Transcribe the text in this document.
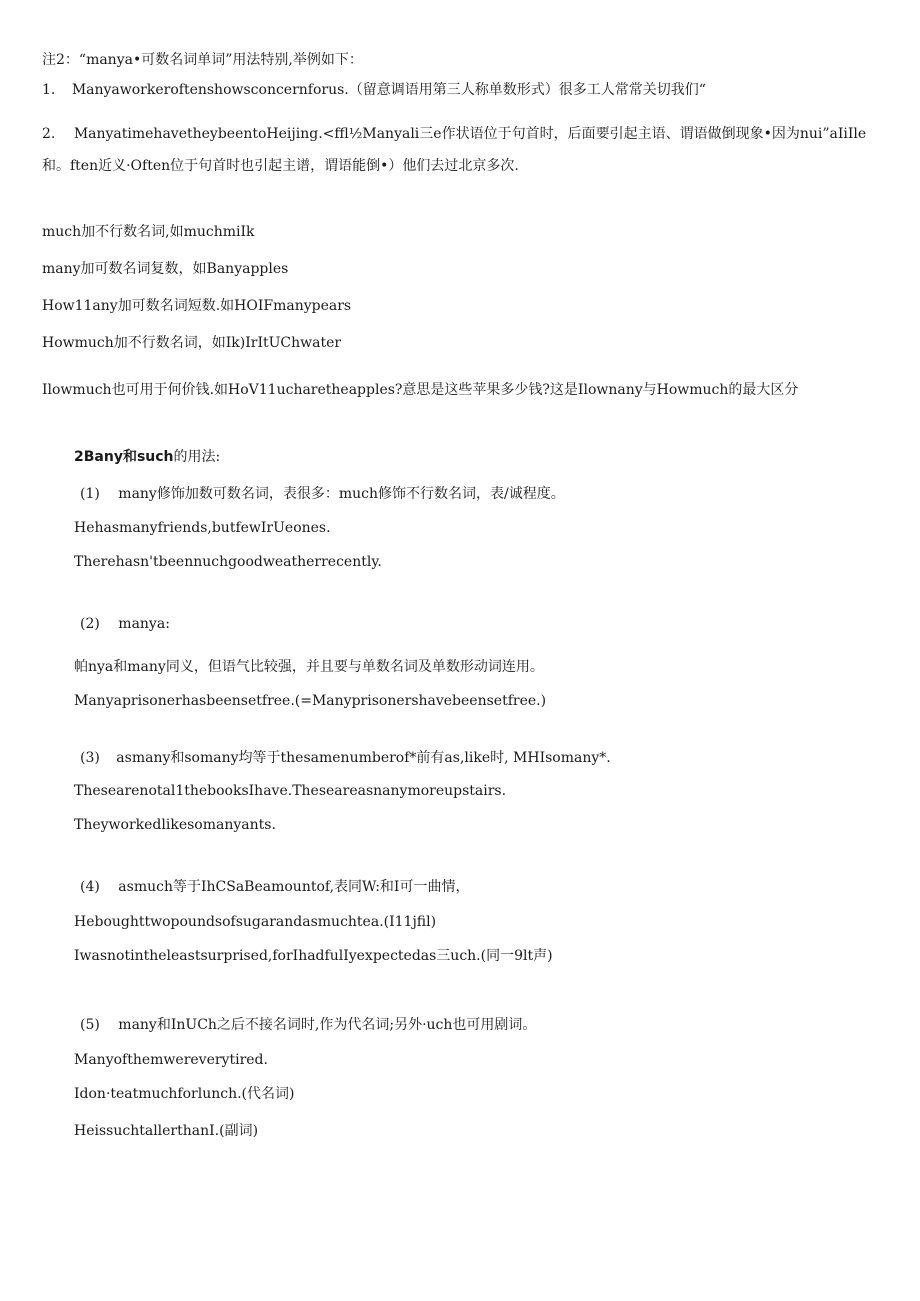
注2：“manya•可数名词单词”用法特别,举例如下：
1. Manyaworkeroftenshowsconcernforus.（留意调语用第三人称单数形式）很多工人常常关切我们“
2. ManyatimehavetheybeentoHeijing.<ffl½Manyali三e作状语位于句首时，后面要引起主语、谓语做倒现象•因为nui”aIiIle
和。ften近义·Often位于句首时也引起主谱，谓语能倒•）他们去过北京多次.
much加不行数名词,如muchmiIk
many加可数名词复数，如Banyapples
How11any加可数名词短数.如HOIFmanypears
Howmuch加不行数名词，如Ik)IrItUChwater
Ilowmuch也可用于何价钱.如HoV11ucharetheapples?意思是这些苹果多少钱?这是Ilownany与Howmuch的最大区分
2Bany和such的用法:
(1) many修饰加数可数名词，表很多：much修饰不行数名词，表/诚程度。
Hehasmanyfriends,butfewIrUeones.
Therehasn'tbeennuchgoodweatherrecently.
(2) manya:
帕nya和many同义，但语气比较强，并且要与单数名词及单数形动词连用。
Manyaprisonerhasbeensetfree.(=Manyprisonershavebeensetfree.)
(3) asmany和somany均等于thesamenumberof*前有as,like时, MHIsomany*.
Thesearenotal1thebooksIhave.Theseareasnanymoreupstairs.
Theyworkedlikesomanyants.
(4) asmuch等于IhCSaBeamountof,表同W:和I可一曲情，
Heboughttwopoundsofsugarandasmuchtea.(I11jfil)
Iwasnotintheleastsurprised,forIhadfulIyexpectedas三uch.(同一9lt声)
(5) many和InUCh之后不接名词时,作为代名词;另外·uch也可用剧词。
Manyofthemwereverytired.
Idon·teatmuchforlunch.(代名词)
HeissuchtallerthanI.(副词)
